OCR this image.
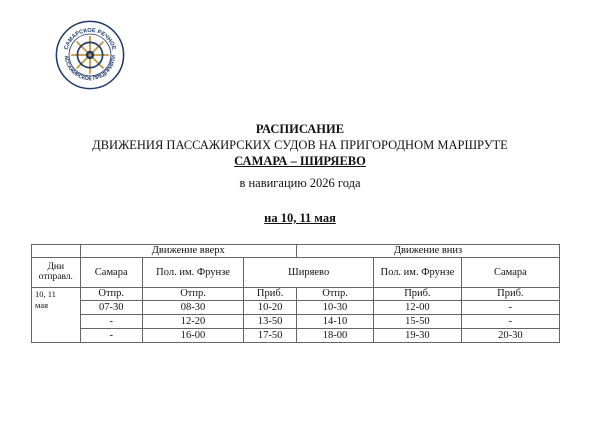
САМАРСКОЕ РЕЧНОЕ
АССАЖИРСКОЕ ПРЕДПРИЯТИ
РАСПИСАНИЕ
ДВИЖЕНИЯ ПАССАЖИРСКИХ СУДОВ НА ПРИГОРОДНОМ МАРШРУТЕ
САМАРА – ШИРЯЕВО
в навигацию 2026 года
на 10, 11 мая
	Движение вверх			Движение вниз		

Дни
отправл.	Самара	Пол. им. Фрунзе	Ширяево		Пол. им. Фрунзе	Самара

10, 11
мая	Отпр.	Отпр.	Приб.	Отпр.	Приб.	Приб.
	07-30	08-30	10-20	10-30	12-00	-
	-	12-20	13-50	14-10	15-50	-
	-	16-00	17-50	18-00	19-30	20-30
